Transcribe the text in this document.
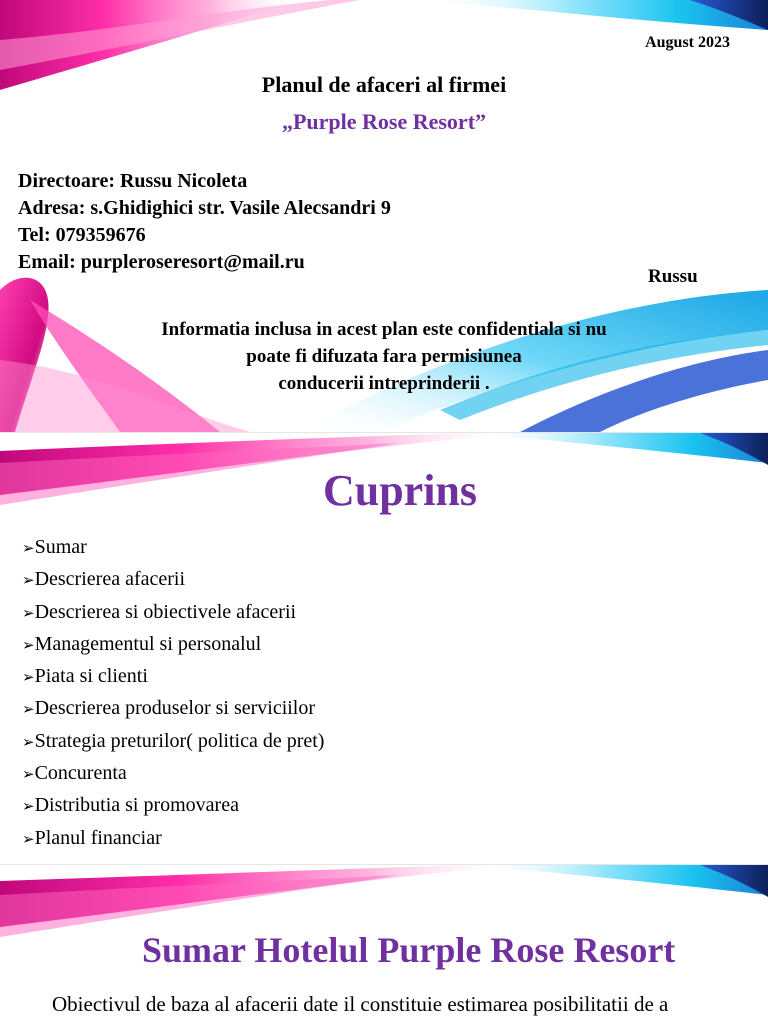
August 2023
Planul de afaceri al firmei
„Purple Rose Resort”
Directoare: Russu Nicoleta
Adresa: s.Ghidighici str. Vasile Alecsandri 9
Tel: 079359676
Email: purpleroseresort@mail.ru
Russu
Informatia inclusa in acest plan este confidentiala si nu
poate fi difuzata fara permisiunea
conducerii intreprinderii .
Cuprins
➢ Sumar
➢ Descrierea afacerii
➢ Descrierea si obiectivele afacerii
➢ Managementul si personalul
➢ Piata si clienti
➢ Descrierea produselor si serviciilor
➢ Strategia preturilor( politica de pret)
➢ Concurenta
➢ Distributia si promovarea
➢ Planul financiar
Sumar Hotelul Purple Rose Resort
Obiectivul de baza al afacerii date il constituie estimarea posibilitatii de a
